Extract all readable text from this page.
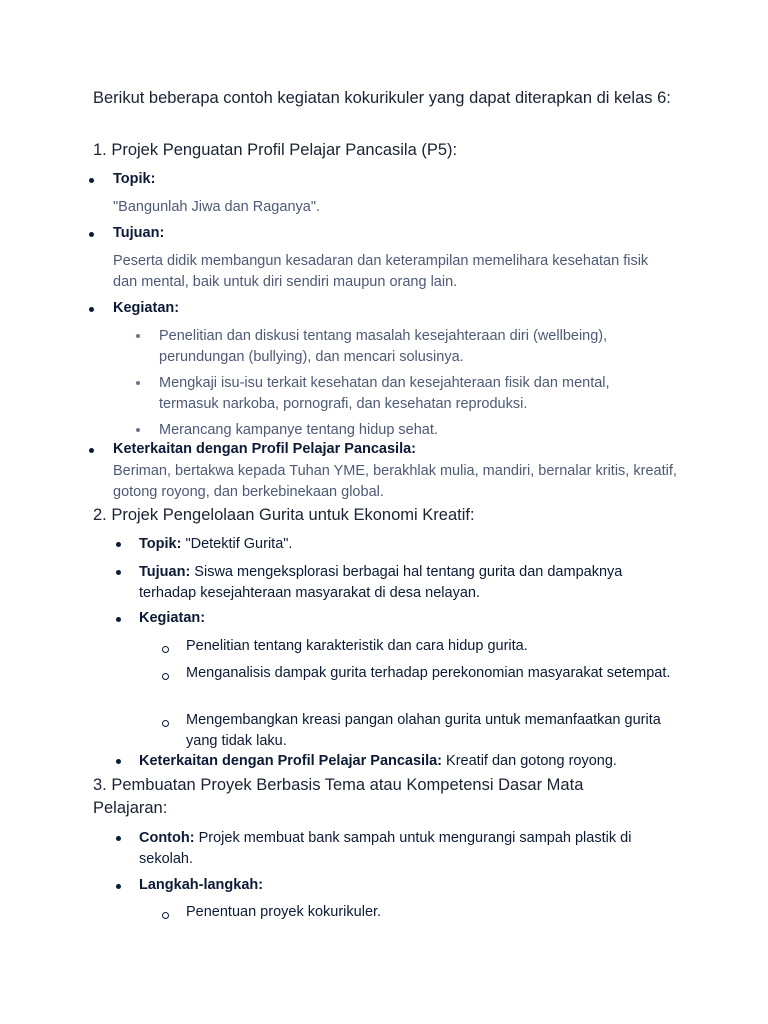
Berikut beberapa contoh kegiatan kokurikuler yang dapat diterapkan di kelas 6:
1. Projek Penguatan Profil Pelajar Pancasila (P5):
Topik:
"Bangunlah Jiwa dan Raganya".
Tujuan:
Peserta didik membangun kesadaran dan keterampilan memelihara kesehatan fisik dan mental, baik untuk diri sendiri maupun orang lain.
Kegiatan:
Penelitian dan diskusi tentang masalah kesejahteraan diri (wellbeing), perundungan (bullying), dan mencari solusinya.
Mengkaji isu-isu terkait kesehatan dan kesejahteraan fisik dan mental, termasuk narkoba, pornografi, dan kesehatan reproduksi.
Merancang kampanye tentang hidup sehat.
Keterkaitan dengan Profil Pelajar Pancasila:
Beriman, bertakwa kepada Tuhan YME, berakhlak mulia, mandiri, bernalar kritis, kreatif, gotong royong, dan berkebinekaan global.
2. Projek Pengelolaan Gurita untuk Ekonomi Kreatif:
Topik: "Detektif Gurita".
Tujuan: Siswa mengeksplorasi berbagai hal tentang gurita dan dampaknya terhadap kesejahteraan masyarakat di desa nelayan.
Kegiatan:
Penelitian tentang karakteristik dan cara hidup gurita.
Menganalisis dampak gurita terhadap perekonomian masyarakat setempat.
Mengembangkan kreasi pangan olahan gurita untuk memanfaatkan gurita yang tidak laku.
Keterkaitan dengan Profil Pelajar Pancasila: Kreatif dan gotong royong.
3. Pembuatan Proyek Berbasis Tema atau Kompetensi Dasar Mata
Pelajaran:
Contoh: Projek membuat bank sampah untuk mengurangi sampah plastik di sekolah.
Langkah-langkah:
Penentuan proyek kokurikuler.
